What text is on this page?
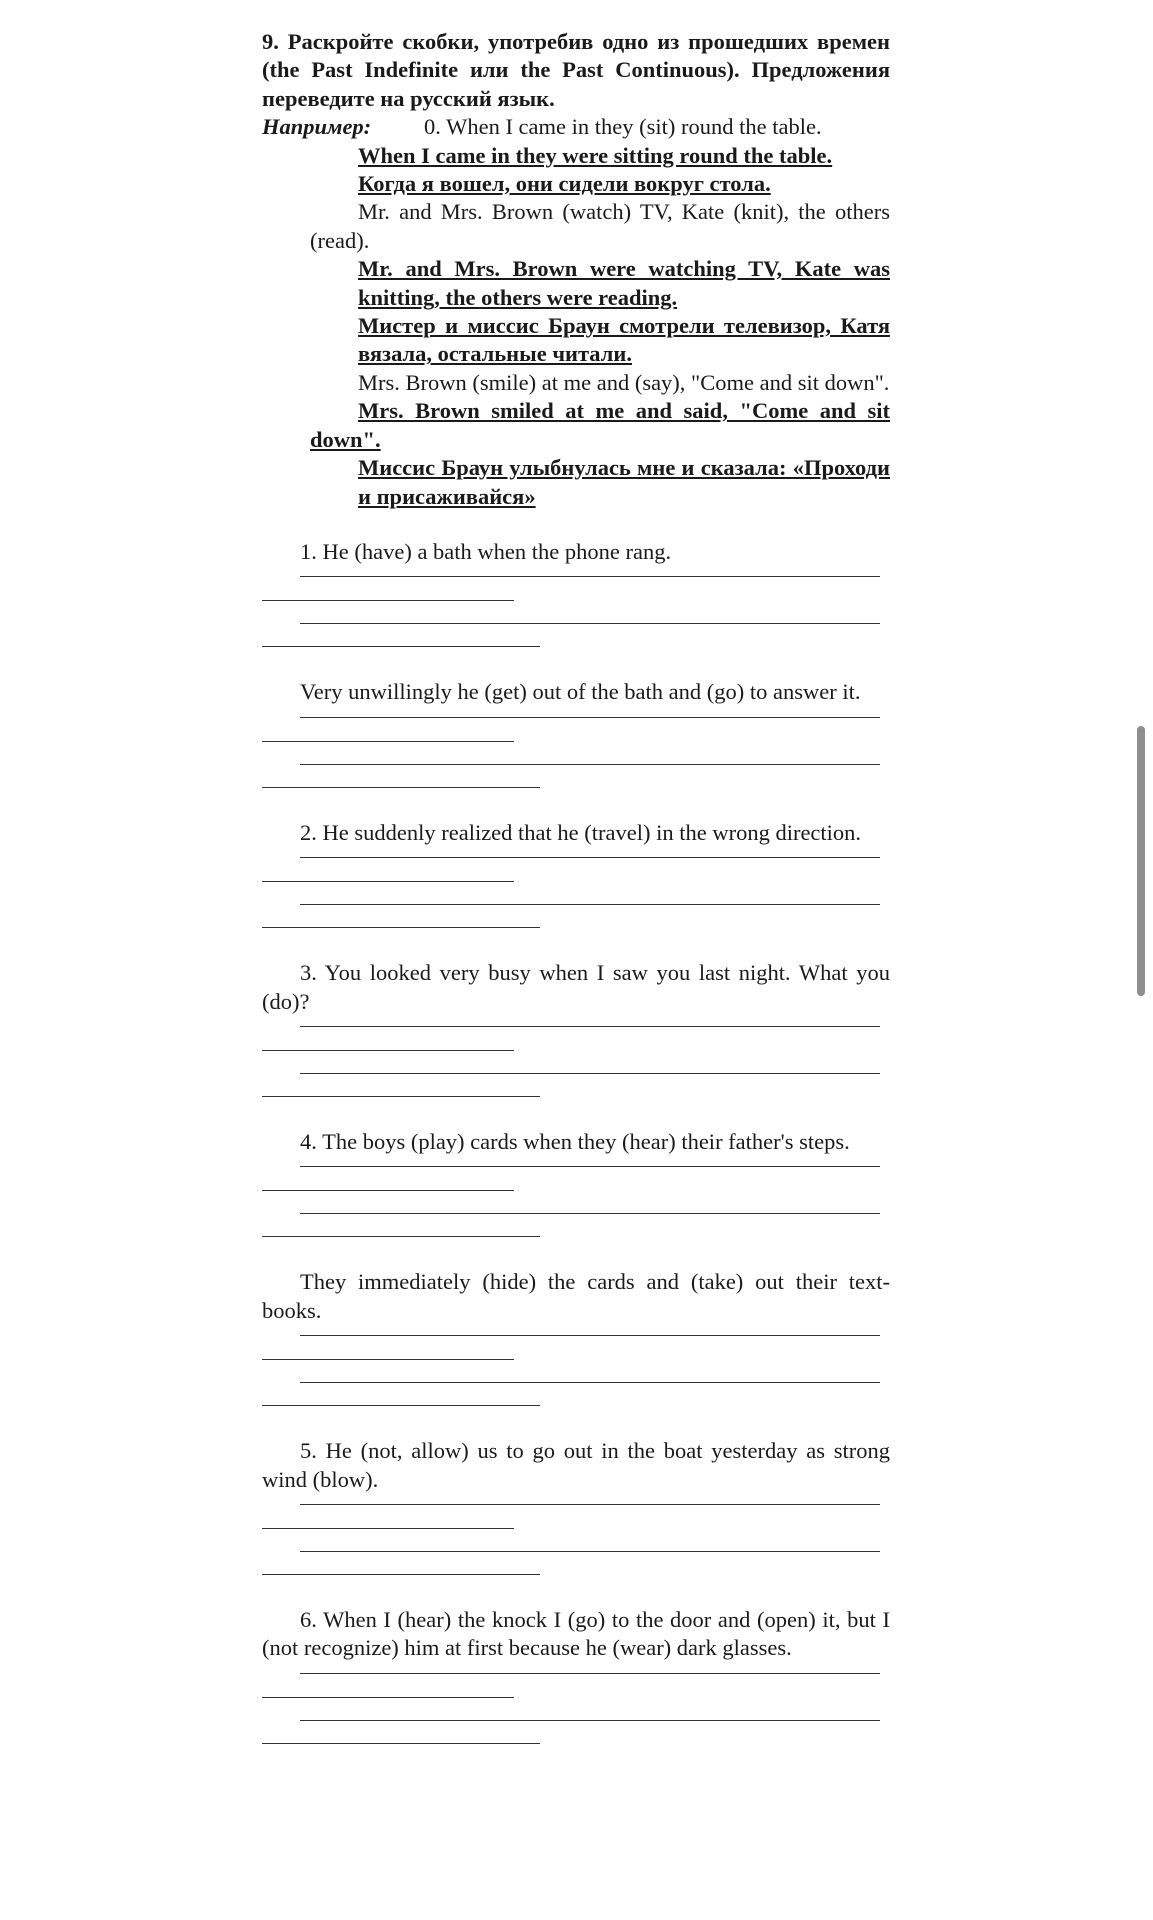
9. Раскройте скобки, употребив одно из прошедших времен (the Past Indefinite или the Past Continuous). Предложения переведите на русский язык.

Например: 0. When I came in they (sit) round the table.

When I came in they were sitting round the table.

Когда я вошел, они сидели вокруг стола.

Mr. and Mrs. Brown (watch) TV, Kate (knit), the others (read).

Mr. and Mrs. Brown were watching TV, Kate was knitting, the others were reading.

Мистер и миссис Браун смотрели телевизор, Катя вязала, остальные читали.

Mrs. Brown (smile) at me and (say), "Come and sit down".

Mrs. Brown smiled at me and said, "Come and sit down".

Миссис Браун улыбнулась мне и сказала: «Проходи и присаживайся»

1. He (have) a bath when the phone rang.

Very unwillingly he (get) out of the bath and (go) to answer it.

2. He suddenly realized that he (travel) in the wrong direction.

3. You looked very busy when I saw you last night. What you (do)?

4. The boys (play) cards when they (hear) their father's steps.

They immediately (hide) the cards and (take) out their text-books.

5. He (not, allow) us to go out in the boat yesterday as strong wind (blow).

6. When I (hear) the knock I (go) to the door and (open) it, but I (not recognize) him at first because he (wear) dark glasses.
